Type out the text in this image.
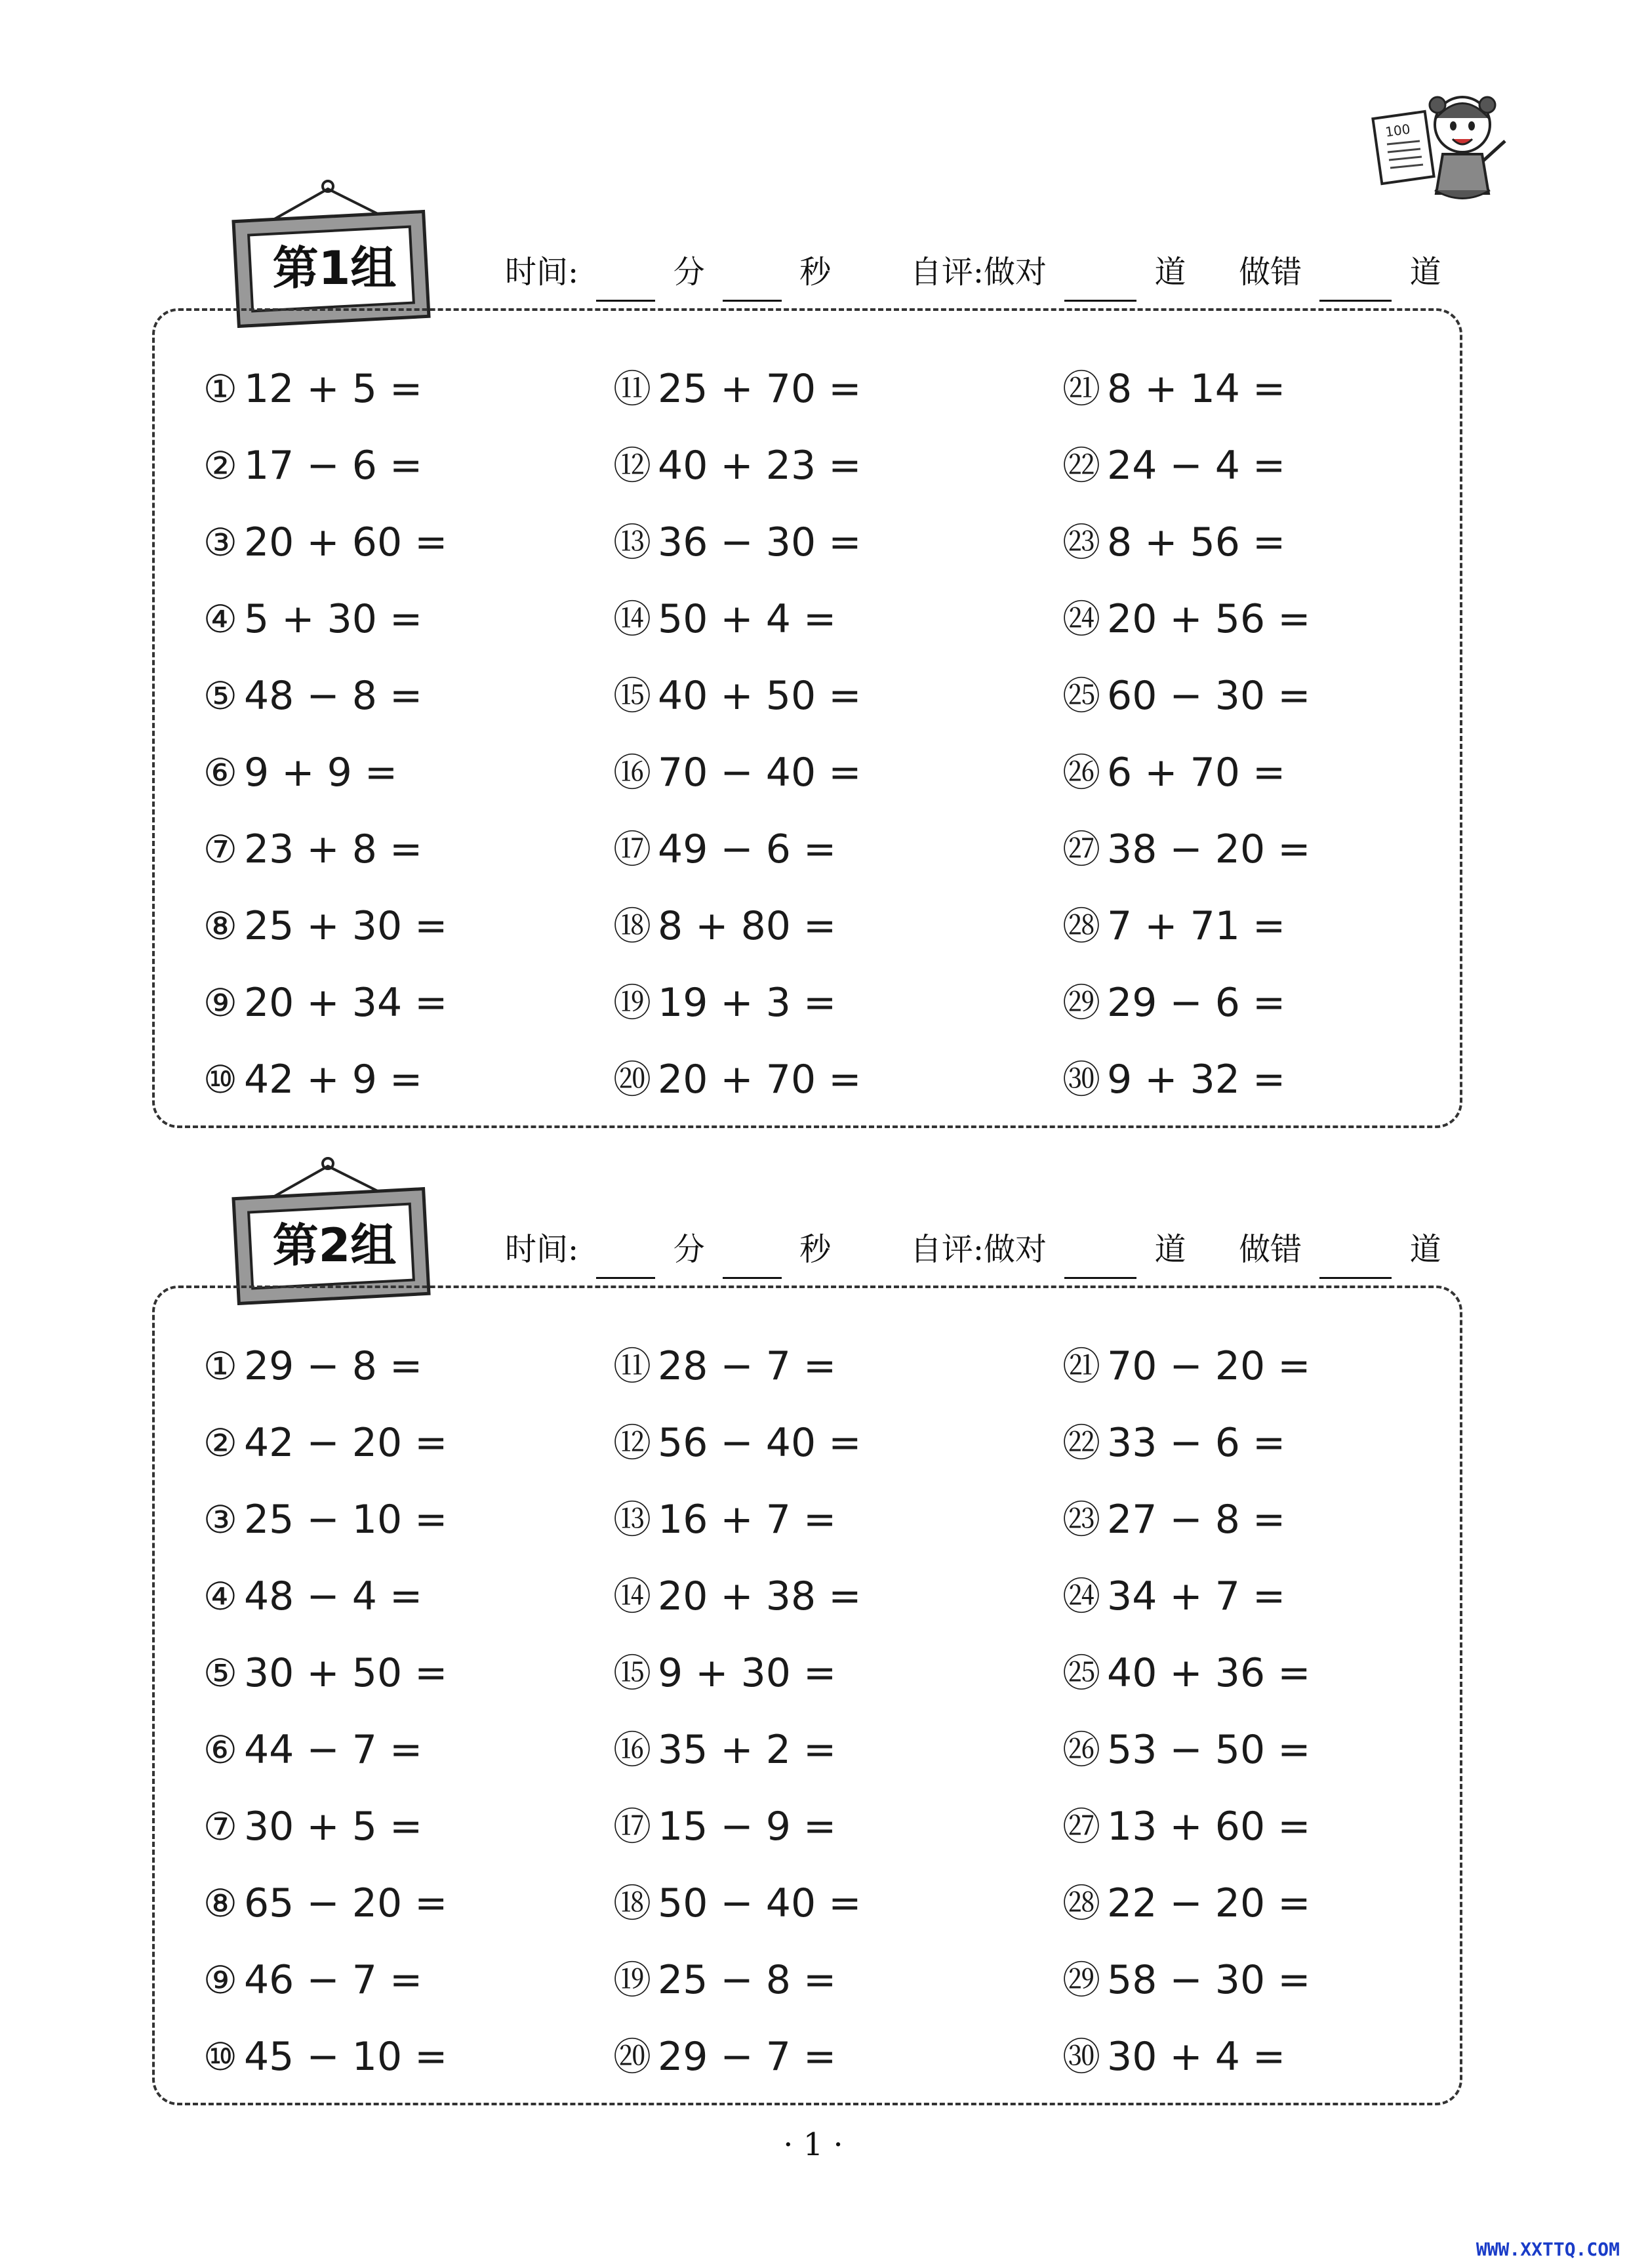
100
第1组	时间:	分	秒	自评:做对	道 做错	道
① 12 + 5 =
② 17 − 6 =
③ 20 + 60 =
④ 5 + 30 =
⑤ 48 − 8 =
⑥ 9 + 9 =
⑦ 23 + 8 =
⑧ 25 + 30 =
⑨ 20 + 34 =
⑩ 42 + 9 =
⑪ 25 + 70 =
⑫ 40 + 23 =
⑬ 36 − 30 =
⑭ 50 + 4 =
⑮ 40 + 50 =
⑯ 70 − 40 =
⑰ 49 − 6 =
⑱ 8 + 80 =
⑲ 19 + 3 =
⑳ 20 + 70 =
㉑ 8 + 14 =
㉒ 24 − 4 =
㉓ 8 + 56 =
㉔ 20 + 56 =
㉕ 60 − 30 =
㉖ 6 + 70 =
㉗ 38 − 20 =
㉘ 7 + 71 =
㉙ 29 − 6 =
㉚ 9 + 32 =
第2组	时间:	分	秒	自评:做对	道 做错	道
① 29 − 8 =
② 42 − 20 =
③ 25 − 10 =
④ 48 − 4 =
⑤ 30 + 50 =
⑥ 44 − 7 =
⑦ 30 + 5 =
⑧ 65 − 20 =
⑨ 46 − 7 =
⑩ 45 − 10 =
⑪ 28 − 7 =
⑫ 56 − 40 =
⑬ 16 + 7 =
⑭ 20 + 38 =
⑮ 9 + 30 =
⑯ 35 + 2 =
⑰ 15 − 9 =
⑱ 50 − 40 =
⑲ 25 − 8 =
⑳ 29 − 7 =
㉑ 70 − 20 =
㉒ 33 − 6 =
㉓ 27 − 8 =
㉔ 34 + 7 =
㉕ 40 + 36 =
㉖ 53 − 50 =
㉗ 13 + 60 =
㉘ 22 − 20 =
㉙ 58 − 30 =
㉚ 30 + 4 =
· 1 ·
WWW.XXTTQ.COM
